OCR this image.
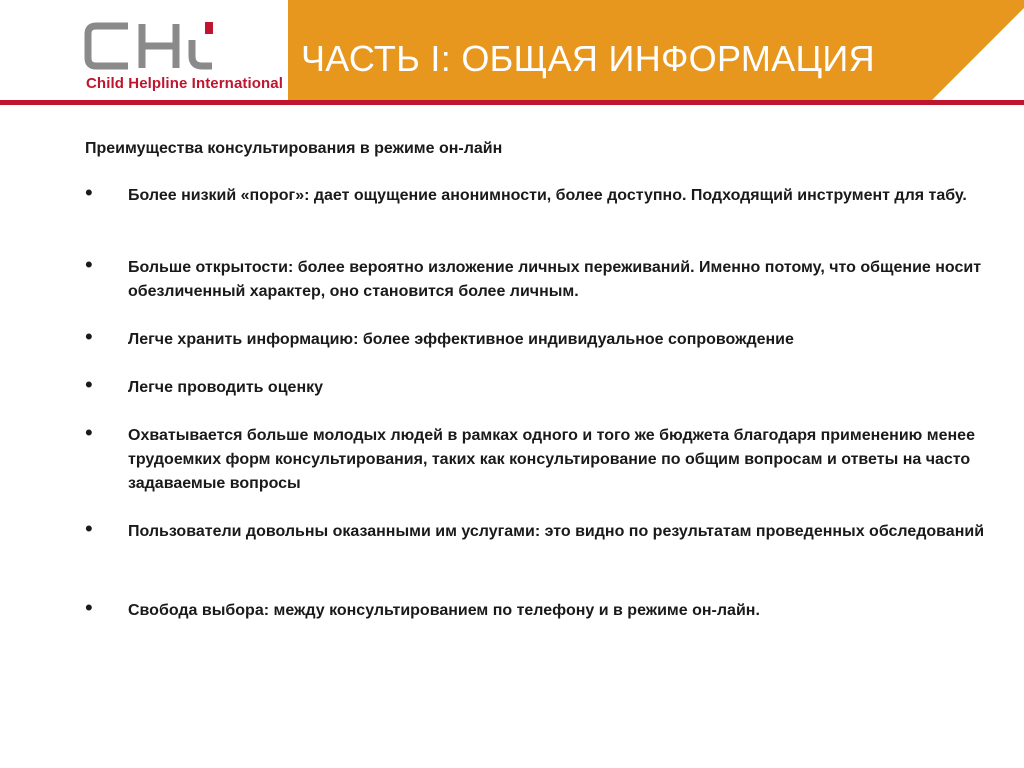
Child Helpline International
ЧАСТЬ I: ОБЩАЯ ИНФОРМАЦИЯ
Преимущества консультирования в режиме он-лайн
• Более низкий «порог»: дает ощущение анонимности, более доступно. Подходящий инструмент для табу.
• Больше открытости: более вероятно изложение личных переживаний. Именно потому, что общение носит обезличенный характер, оно становится более личным.
• Легче хранить информацию: более эффективное индивидуальное сопровождение
• Легче проводить оценку
• Охватывается больше молодых людей в рамках одного и того же бюджета благодаря применению менее трудоемких форм консультирования, таких как консультирование по общим вопросам и ответы на часто задаваемые вопросы
• Пользователи довольны оказанными им услугами: это видно по результатам проведенных обследований
• Свобода выбора: между консультированием по телефону и в режиме он-лайн.
